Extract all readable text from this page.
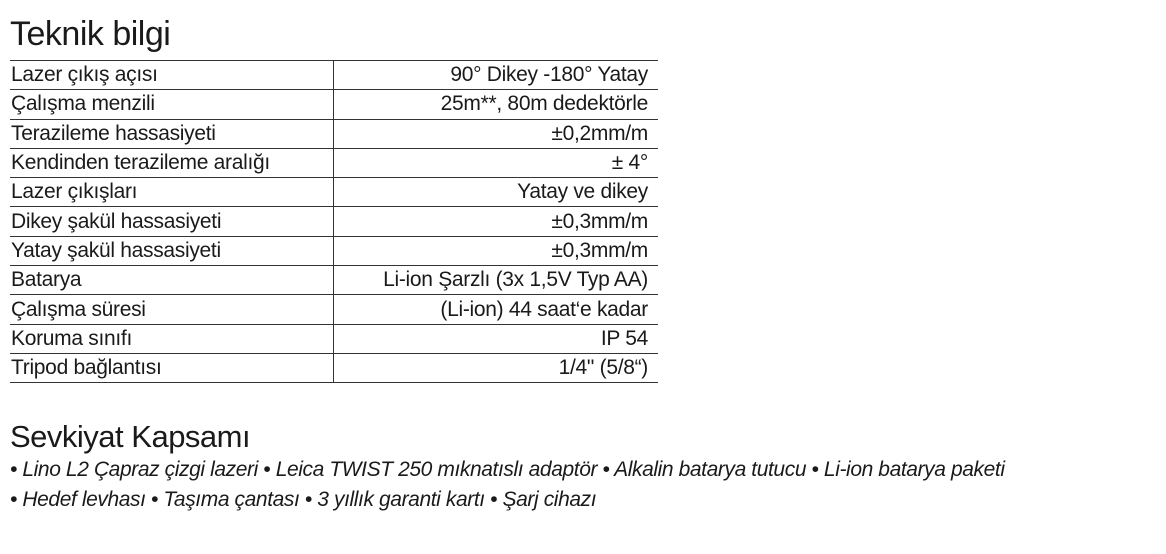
Teknik bilgi
Lazer çıkış açısı	90° Dikey -180° Yatay
Çalışma menzili	25m**, 80m dedektörle
Terazileme hassasiyeti	±0,2mm/m
Kendinden terazileme aralığı	± 4°
Lazer çıkışları	Yatay ve dikey
Dikey şakül hassasiyeti	±0,3mm/m
Yatay şakül hassasiyeti	±0,3mm/m
Batarya	Li-ion Şarzlı (3x 1,5V Typ AA)
Çalışma süresi	(Li-ion) 44 saat‘e kadar
Koruma sınıfı	IP 54
Tripod bağlantısı	1/4" (5/8“)
Sevkiyat Kapsamı

• Lino L2 Çapraz çizgi lazeri • Leica TWIST 250 mıknatıslı adaptör • Alkalin batarya tutucu • Li-ion batarya paketi

• Hedef levhası • Taşıma çantası • 3 yıllık garanti kartı • Şarj cihazı
